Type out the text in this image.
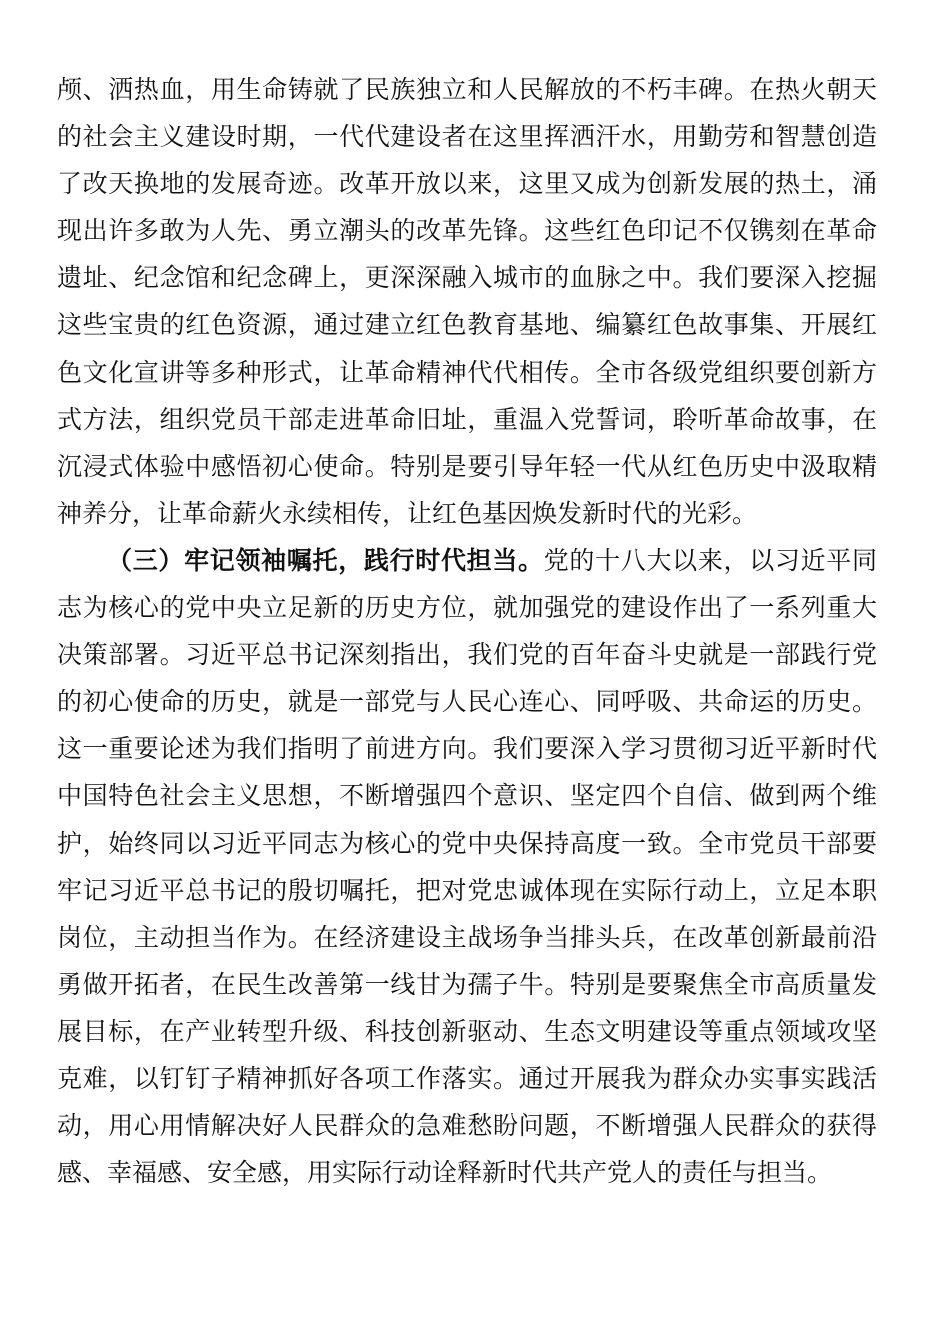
颅、洒热血，用生命铸就了民族独立和人民解放的不朽丰碑。在热火朝天的社会主义建设时期，一代代建设者在这里挥洒汗水，用勤劳和智慧创造了改天换地的发展奇迹。改革开放以来，这里又成为创新发展的热土，涌现出许多敢为人先、勇立潮头的改革先锋。这些红色印记不仅镌刻在革命遗址、纪念馆和纪念碑上，更深深融入城市的血脉之中。我们要深入挖掘这些宝贵的红色资源，通过建立红色教育基地、编纂红色故事集、开展红色文化宣讲等多种形式，让革命精神代代相传。全市各级党组织要创新方式方法，组织党员干部走进革命旧址，重温入党誓词，聆听革命故事，在沉浸式体验中感悟初心使命。特别是要引导年轻一代从红色历史中汲取精神养分，让革命薪火永续相传，让红色基因焕发新时代的光彩。

（三）牢记领袖嘱托，践行时代担当。党的十八大以来，以习近平同志为核心的党中央立足新的历史方位，就加强党的建设作出了一系列重大决策部署。习近平总书记深刻指出，我们党的百年奋斗史就是一部践行党的初心使命的历史，就是一部党与人民心连心、同呼吸、共命运的历史。这一重要论述为我们指明了前进方向。我们要深入学习贯彻习近平新时代中国特色社会主义思想，不断增强四个意识、坚定四个自信、做到两个维护，始终同以习近平同志为核心的党中央保持高度一致。全市党员干部要牢记习近平总书记的殷切嘱托，把对党忠诚体现在实际行动上，立足本职岗位，主动担当作为。在经济建设主战场争当排头兵，在改革创新最前沿勇做开拓者，在民生改善第一线甘为孺子牛。特别是要聚焦全市高质量发展目标，在产业转型升级、科技创新驱动、生态文明建设等重点领域攻坚克难，以钉钉子精神抓好各项工作落实。通过开展我为群众办实事实践活动，用心用情解决好人民群众的急难愁盼问题，不断增强人民群众的获得感、幸福感、安全感，用实际行动诠释新时代共产党人的责任与担当。
